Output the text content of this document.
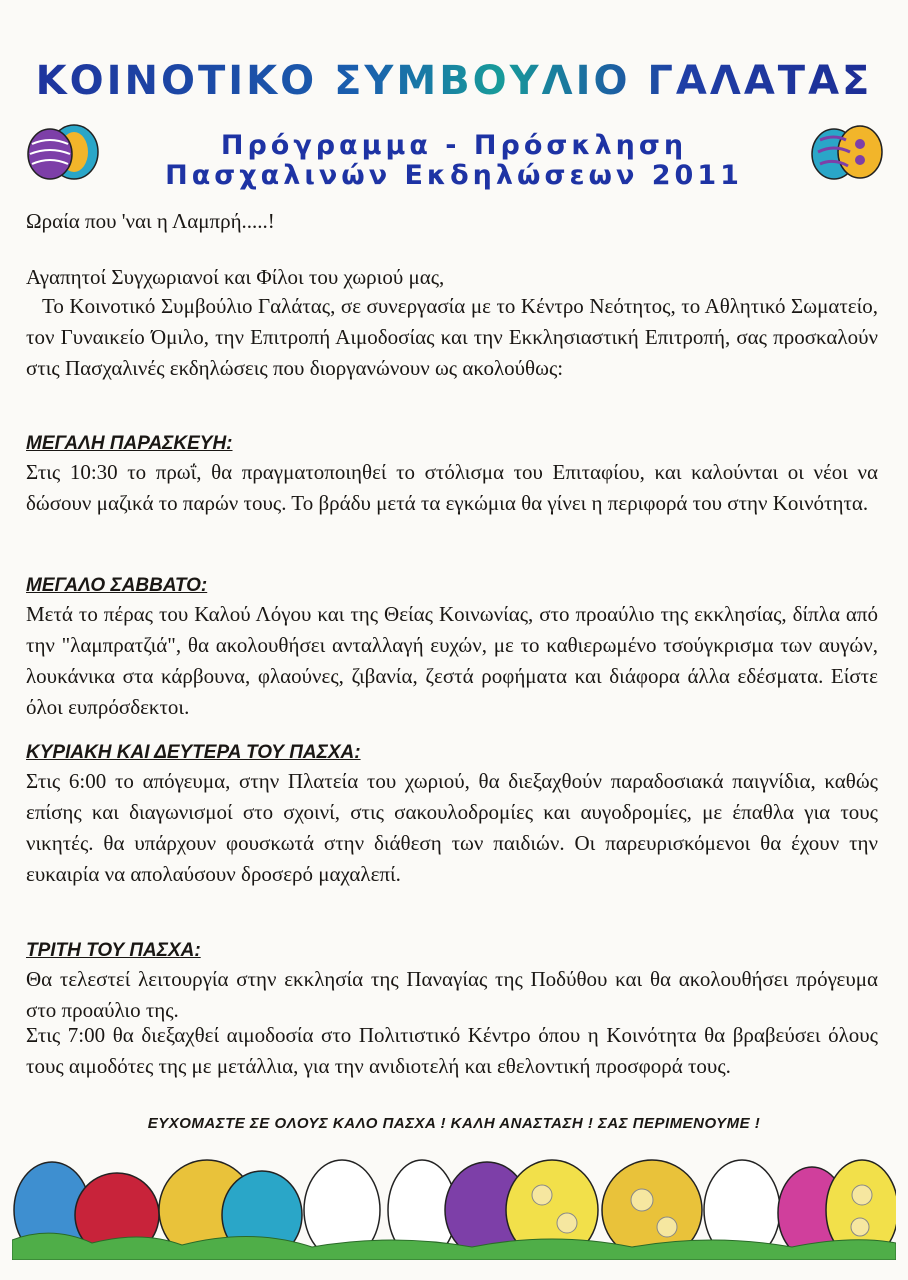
ΚΟΙΝΟΤΙΚΟ ΣΥΜΒΟΥΛΙΟ ΓΑΛΑΤΑΣ
Πρόγραμμα - Πρόσκληση
Πασχαλινών Εκδηλώσεων 2011
Ωραία που 'ναι η Λαμπρή.....!
Αγαπητοί Συγχωριανοί και Φίλοι του χωριού μας,
Το Κοινοτικό Συμβούλιο Γαλάτας, σε συνεργασία με το Κέντρο Νεότητος, το Αθλητικό Σωματείο, τον Γυναικείο Όμιλο, την Επιτροπή Αιμοδοσίας και την Εκκλησιαστική Επιτροπή, σας προσκαλούν στις Πασχαλινές εκδηλώσεις που διοργανώνουν ως ακολούθως:
ΜΕΓΑΛΗ ΠΑΡΑΣΚΕΥΗ:
Στις 10:30 το πρωΐ, θα πραγματοποιηθεί το στόλισμα του Επιταφίου, και καλούνται οι νέοι να δώσουν μαζικά το παρών τους. Το βράδυ μετά τα εγκώμια θα γίνει η περιφορά του στην Κοινότητα.
ΜΕΓΑΛΟ ΣΑΒΒΑΤΟ:
Μετά το πέρας του Καλού Λόγου και της Θείας Κοινωνίας, στο προαύλιο της εκκλησίας, δίπλα από την "λαμπρατζιά", θα ακολουθήσει ανταλλαγή ευχών, με το καθιερωμένο τσούγκρισμα των αυγών, λουκάνικα στα κάρβουνα, φλαούνες, ζιβανία, ζεστά ροφήματα και διάφορα άλλα εδέσματα. Είστε όλοι ευπρόσδεκτοι.
ΚΥΡΙΑΚΗ ΚΑΙ ΔΕΥΤΕΡΑ ΤΟΥ ΠΑΣΧΑ:
Στις 6:00 το απόγευμα, στην Πλατεία του χωριού, θα διεξαχθούν παραδοσιακά παιγνίδια, καθώς επίσης και διαγωνισμοί στο σχοινί, στις σακουλοδρομίες και αυγοδρομίες, με έπαθλα για τους νικητές. θα υπάρχουν φουσκωτά στην διάθεση των παιδιών. Οι παρευρισκόμενοι θα έχουν την ευκαιρία να απολαύσουν δροσερό μαχαλεπί.
ΤΡΙΤΗ ΤΟΥ ΠΑΣΧΑ:
Θα τελεστεί λειτουργία στην εκκλησία της Παναγίας της Ποδύθου και θα ακολουθήσει πρόγευμα στο προαύλιο της.
Στις 7:00 θα διεξαχθεί αιμοδοσία στο Πολιτιστικό Κέντρο όπου η Κοινότητα θα βραβεύσει όλους τους αιμοδότες της με μετάλλια, για την ανιδιοτελή και εθελοντική προσφορά τους.
ΕΥΧΟΜΑΣΤΕ ΣΕ ΟΛΟΥΣ ΚΑΛΟ ΠΑΣΧΑ ! ΚΑΛΗ ΑΝΑΣΤΑΣΗ ! ΣΑΣ ΠΕΡΙΜΕΝΟΥΜΕ !
